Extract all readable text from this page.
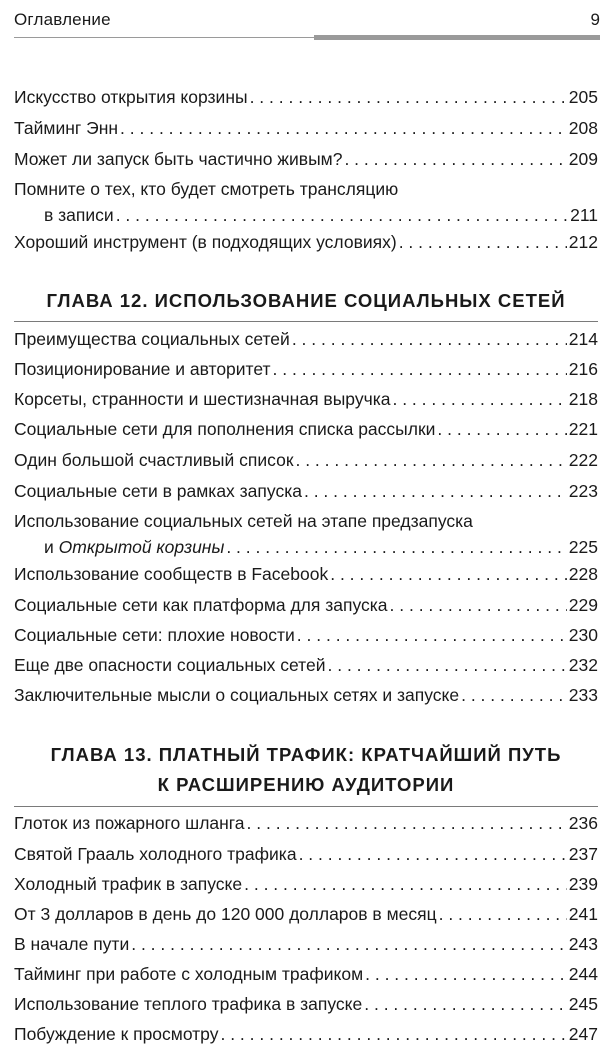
Оглавление	9
Искусство открытия корзины . . .	205
Тайминг Энн . . .	208
Может ли запуск быть частично живым? . . .	209
Помните о тех, кто будет смотреть трансляцию
в записи . . .	211
Хороший инструмент (в подходящих условиях) . . .	212
ГЛАВА 12. ИСПОЛЬЗОВАНИЕ СОЦИАЛЬНЫХ СЕТЕЙ
Преимущества социальных сетей . . .	214
Позиционирование и авторитет . . .	216
Корсеты, странности и шестизначная выручка . . .	218
Социальные сети для пополнения списка рассылки . . .	221
Один большой счастливый список . . .	222
Социальные сети в рамках запуска . . .	223
Использование социальных сетей на этапе предзапуска
и Открытой корзины . . .	225
Использование сообществ в Facebook . . .	228
Социальные сети как платформа для запуска . . .	229
Социальные сети: плохие новости . . .	230
Еще две опасности социальных сетей . . .	232
Заключительные мысли о социальных сетях и запуске . . .	233
ГЛАВА 13. ПЛАТНЫЙ ТРАФИК: КРАТЧАЙШИЙ ПУТЬ
К РАСШИРЕНИЮ АУДИТОРИИ
Глоток из пожарного шланга . . .	236
Святой Грааль холодного трафика . . .	237
Холодный трафик в запуске . . .	239
От 3 долларов в день до 120 000 долларов в месяц . . .	241
В начале пути . . .	243
Тайминг при работе с холодным трафиком . . .	244
Использование теплого трафика в запуске . . .	245
Побуждение к просмотру . . .	247
